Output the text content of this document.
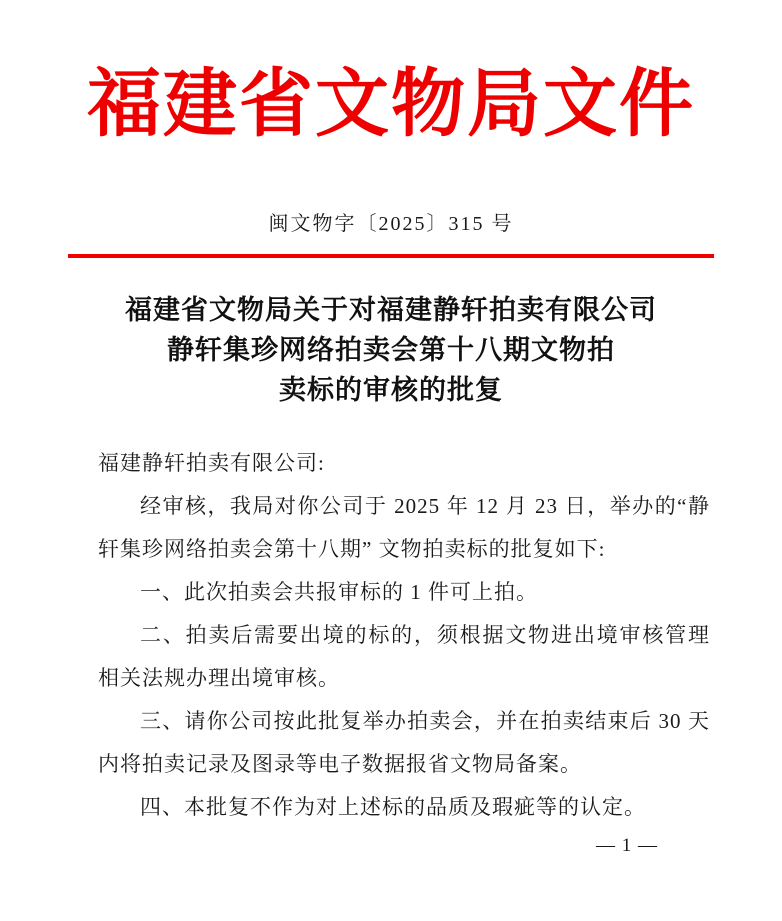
福建省文物局文件
闽文物字〔2025〕315 号
福建省文物局关于对福建静轩拍卖有限公司
静轩集珍网络拍卖会第十八期文物拍
卖标的审核的批复

福建静轩拍卖有限公司:

经审核，我局对你公司于 2025 年 12 月 23 日，举办的“静轩集珍网络拍卖会第十八期” 文物拍卖标的批复如下:

一、此次拍卖会共报审标的 1 件可上拍。

二、拍卖后需要出境的标的，须根据文物进出境审核管理相关法规办理出境审核。

三、请你公司按此批复举办拍卖会，并在拍卖结束后 30 天内将拍卖记录及图录等电子数据报省文物局备案。

四、本批复不作为对上述标的品质及瑕疵等的认定。

— 1 —
